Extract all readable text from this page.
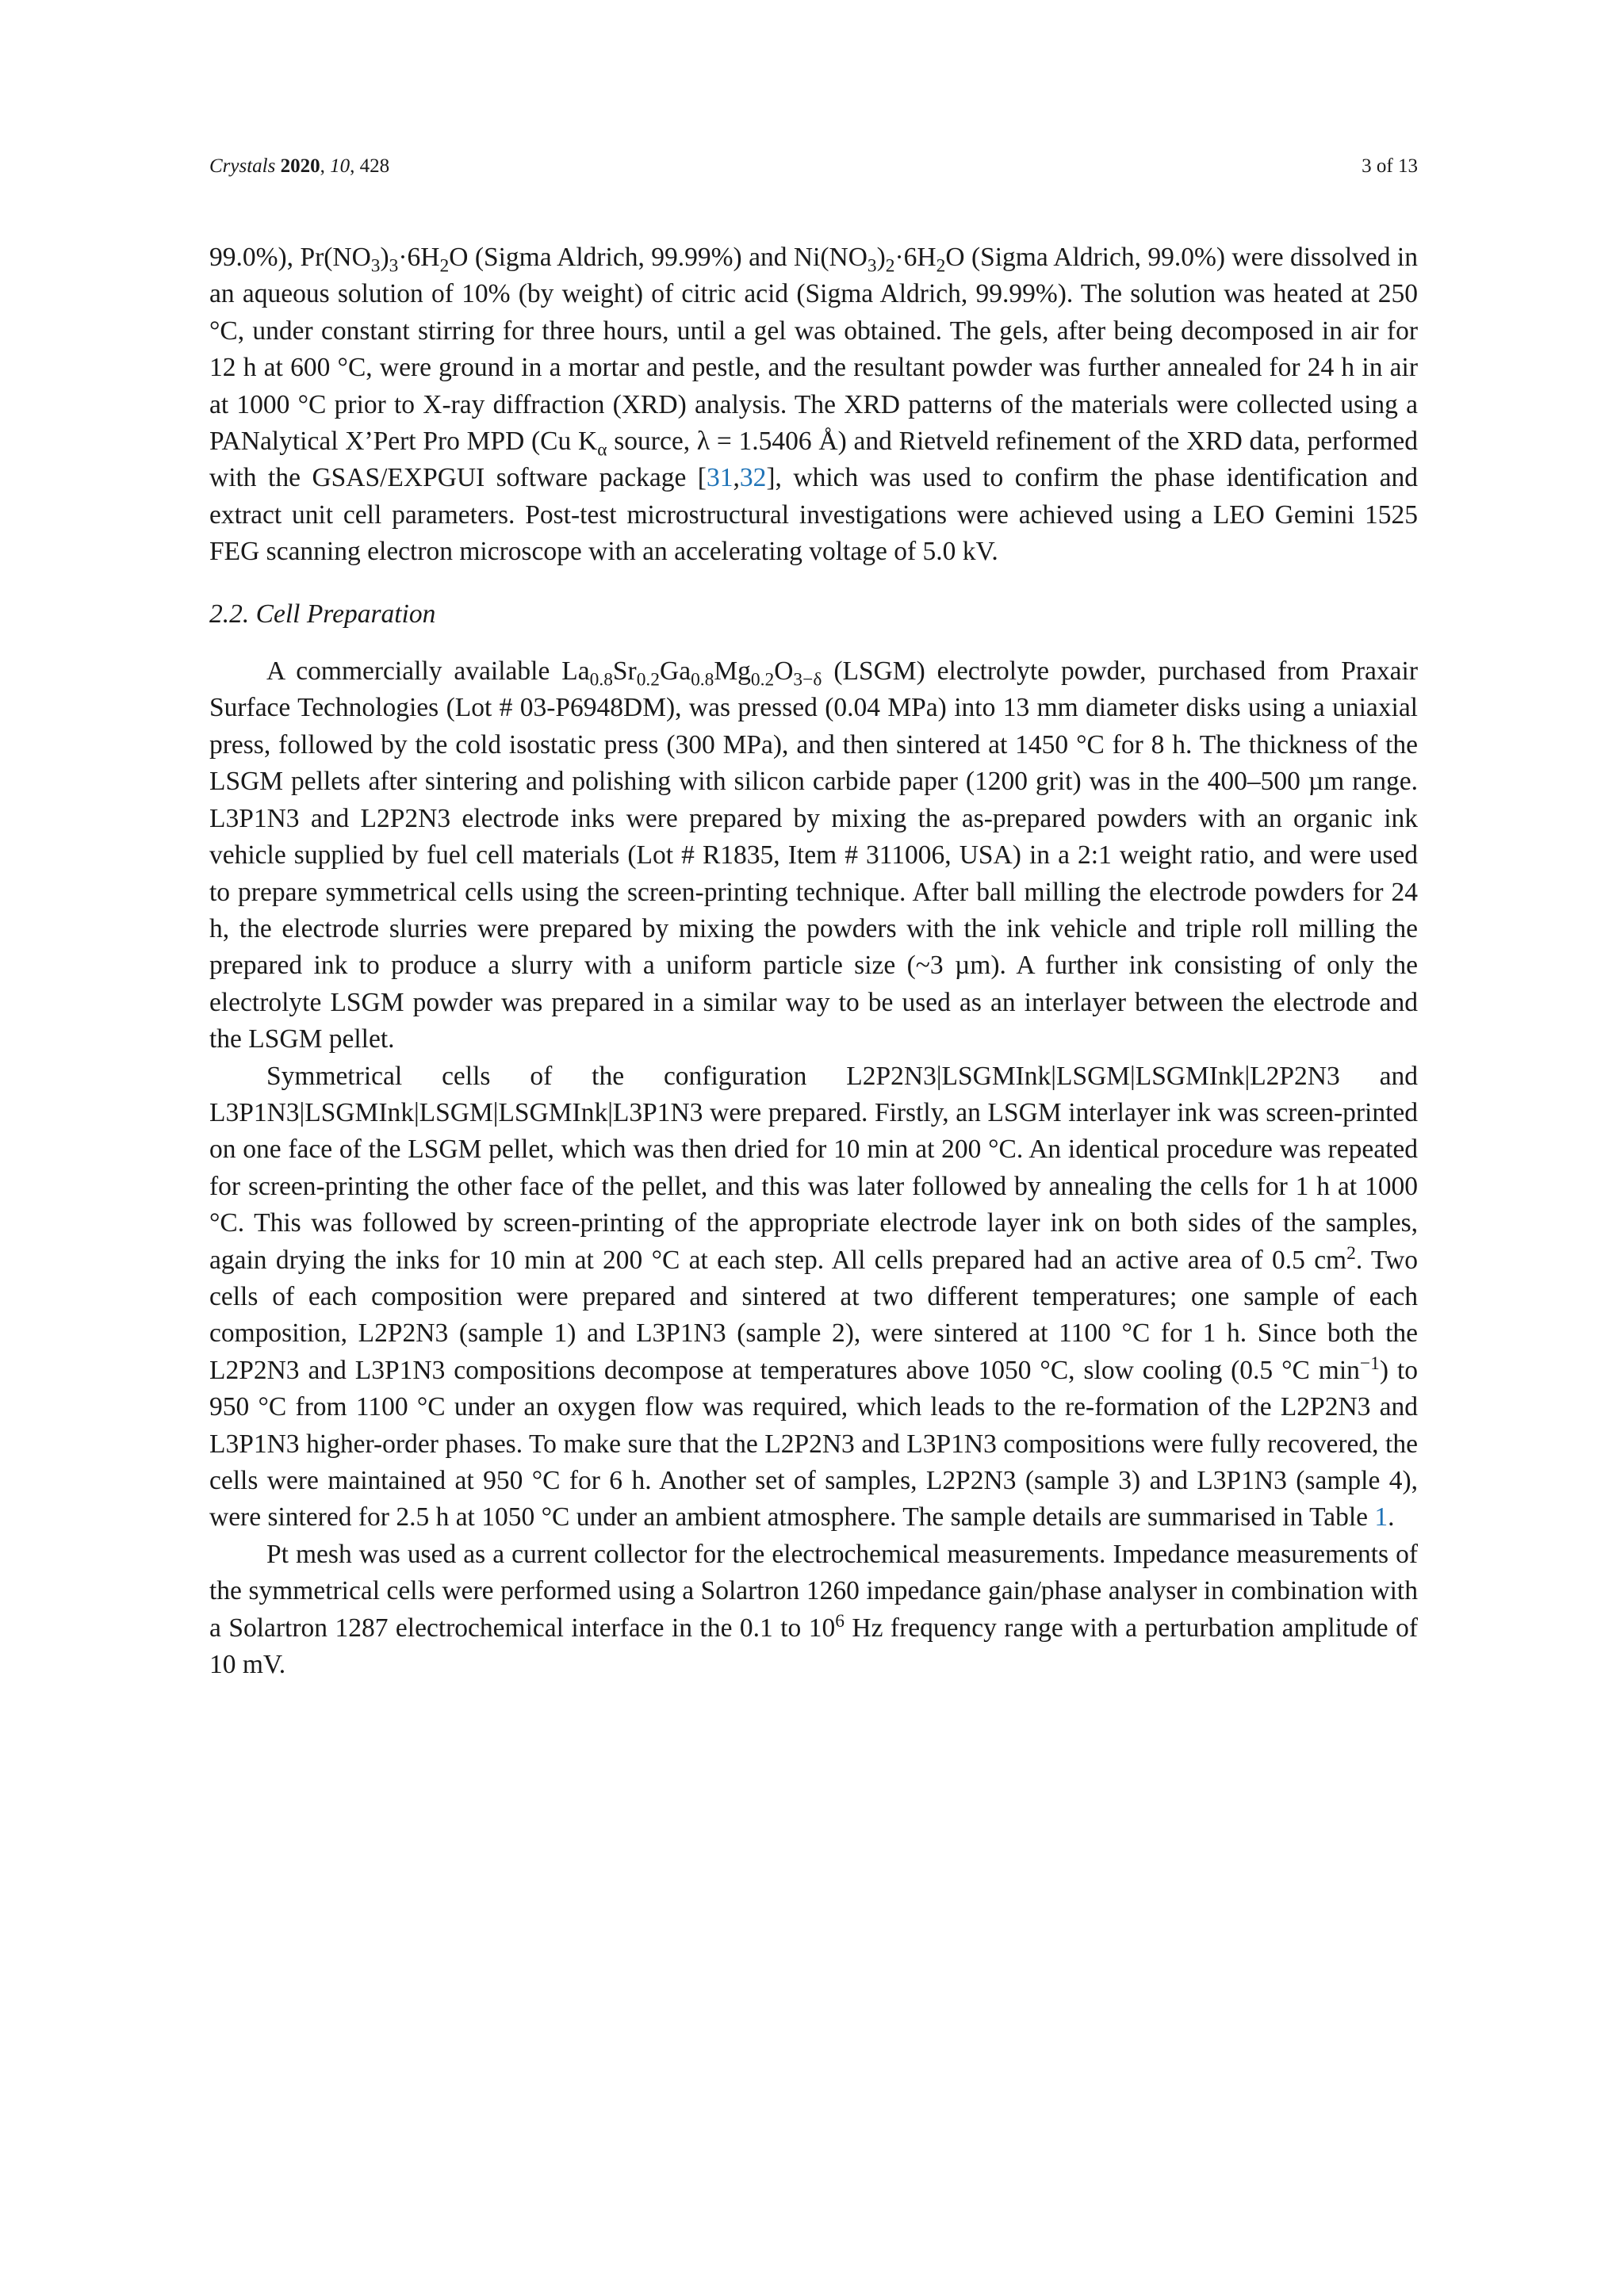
Crystals 2020, 10, 428	3 of 13

99.0%), $Pr(NO_3)_3\cdot 6H_2O$ (Sigma Aldrich, 99.99%) and $Ni(NO_3)_2\cdot 6H_2O$ (Sigma Aldrich, 99.0%) were dissolved in an aqueous solution of 10% (by weight) of citric acid (Sigma Aldrich, 99.99%). The solution was heated at 250 °C, under constant stirring for three hours, until a gel was obtained. The gels, after being decomposed in air for 12 h at 600 °C, were ground in a mortar and pestle, and the resultant powder was further annealed for 24 h in air at 1000 °C prior to X-ray diffraction (XRD) analysis. The XRD patterns of the materials were collected using a PANalytical X’Pert Pro MPD (Cu $K_\alpha$ source, λ = 1.5406 Å) and Rietveld refinement of the XRD data, performed with the GSAS/EXPGUI software package [31,32], which was used to confirm the phase identification and extract unit cell parameters. Post-test microstructural investigations were achieved using a LEO Gemini 1525 FEG scanning electron microscope with an accelerating voltage of 5.0 kV.

2.2. Cell Preparation

A commercially available $La_{0.8}Sr_{0.2}Ga_{0.8}Mg_{0.2}O_{3-\delta}$ (LSGM) electrolyte powder, purchased from Praxair Surface Technologies (Lot # 03-P6948DM), was pressed (0.04 MPa) into 13 mm diameter disks using a uniaxial press, followed by the cold isostatic press (300 MPa), and then sintered at 1450 °C for 8 h. The thickness of the LSGM pellets after sintering and polishing with silicon carbide paper (1200 grit) was in the 400–500 µm range. L3P1N3 and L2P2N3 electrode inks were prepared by mixing the as-prepared powders with an organic ink vehicle supplied by fuel cell materials (Lot # R1835, Item # 311006, USA) in a 2:1 weight ratio, and were used to prepare symmetrical cells using the screen-printing technique. After ball milling the electrode powders for 24 h, the electrode slurries were prepared by mixing the powders with the ink vehicle and triple roll milling the prepared ink to produce a slurry with a uniform particle size (~3 µm). A further ink consisting of only the electrolyte LSGM powder was prepared in a similar way to be used as an interlayer between the electrode and the LSGM pellet.

Symmetrical cells of the configuration L2P2N3|LSGMInk|LSGM|LSGMInk|L2P2N3 and L3P1N3|LSGMInk|LSGM|LSGMInk|L3P1N3 were prepared. Firstly, an LSGM interlayer ink was screen-printed on one face of the LSGM pellet, which was then dried for 10 min at 200 °C. An identical procedure was repeated for screen-printing the other face of the pellet, and this was later followed by annealing the cells for 1 h at 1000 °C. This was followed by screen-printing of the appropriate electrode layer ink on both sides of the samples, again drying the inks for 10 min at 200 °C at each step. All cells prepared had an active area of 0.5 $cm^2$. Two cells of each composition were prepared and sintered at two different temperatures; one sample of each composition, L2P2N3 (sample 1) and L3P1N3 (sample 2), were sintered at 1100 °C for 1 h. Since both the L2P2N3 and L3P1N3 compositions decompose at temperatures above 1050 °C, slow cooling (0.5 °C $\min^{-1}$) to 950 °C from 1100 °C under an oxygen flow was required, which leads to the re-formation of the L2P2N3 and L3P1N3 higher-order phases. To make sure that the L2P2N3 and L3P1N3 compositions were fully recovered, the cells were maintained at 950 °C for 6 h. Another set of samples, L2P2N3 (sample 3) and L3P1N3 (sample 4), were sintered for 2.5 h at 1050 °C under an ambient atmosphere. The sample details are summarised in Table 1.

Pt mesh was used as a current collector for the electrochemical measurements. Impedance measurements of the symmetrical cells were performed using a Solartron 1260 impedance gain/phase analyser in combination with a Solartron 1287 electrochemical interface in the 0.1 to $10^6$ Hz frequency range with a perturbation amplitude of 10 mV.
